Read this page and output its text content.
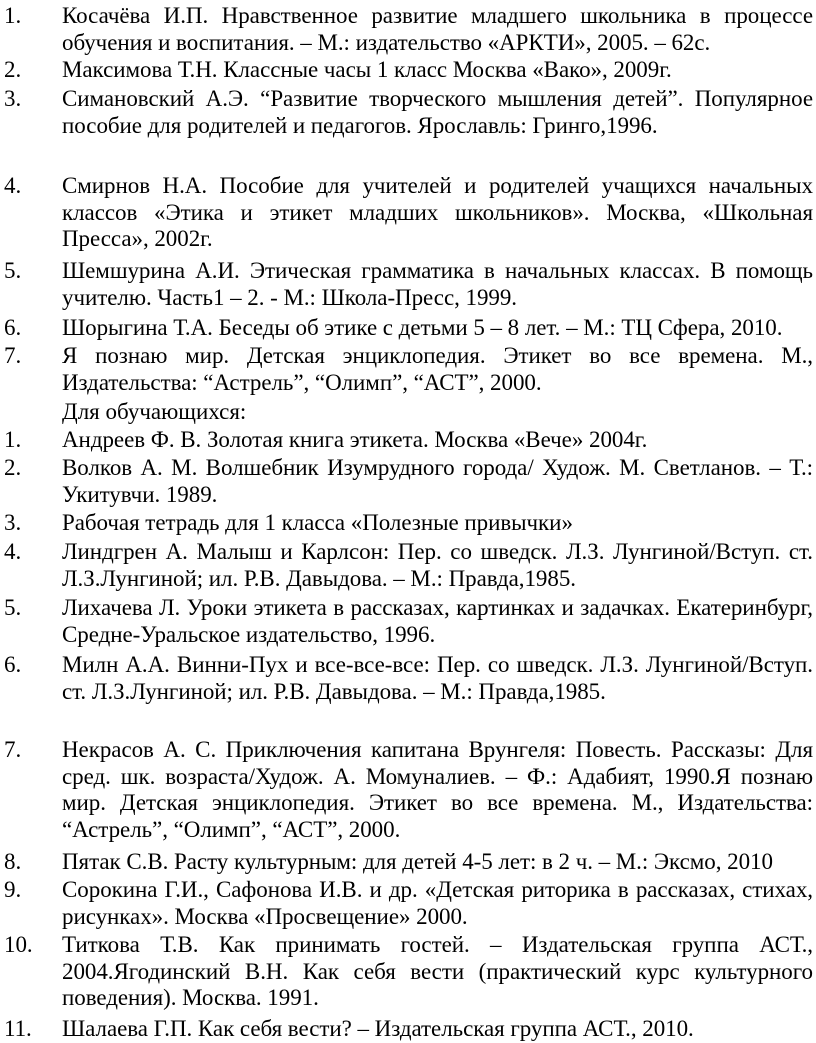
1.	Косачёва И.П. Нравственное развитие младшего школьника в процессе обучения и воспитания. – М.: издательство «АРКТИ», 2005. – 62с.
2.	Максимова Т.Н. Классные часы 1 класс Москва «Вако», 2009г.
3.	Симановский А.Э. “Развитие творческого мышления детей”. Популярное пособие для родителей и педагогов. Ярославль: Гринго,1996.
4.	Смирнов Н.А. Пособие для учителей и родителей учащихся начальных классов «Этика и этикет младших школьников». Москва, «Школьная Пресса», 2002г.
5.	Шемшурина А.И. Этическая грамматика в начальных классах. В помощь учителю. Часть1 – 2. - М.: Школа-Пресс, 1999.
6.	Шорыгина Т.А. Беседы об этике с детьми 5 – 8 лет. – М.: ТЦ Сфера, 2010.
7.	Я познаю мир. Детская энциклопедия. Этикет во все времена. М., Издательства: “Астрель”, “Олимп”, “АСТ”, 2000.
Для обучающихся:
1.	Андреев Ф. В. Золотая книга этикета. Москва «Вече» 2004г.
2.	Волков А. М. Волшебник Изумрудного города/ Худож. М. Светланов. – Т.: Укитувчи. 1989.
3.	Рабочая тетрадь для 1 класса «Полезные привычки»
4.	Линдгрен А. Малыш и Карлсон: Пер. со шведск. Л.З. Лунгиной/Вступ. ст. Л.З.Лунгиной; ил. Р.В. Давыдова. – М.: Правда,1985.
5.	Лихачева Л. Уроки этикета в рассказах, картинках и задачках. Екатеринбург, Средне-Уральское издательство, 1996.
6.	Милн А.А. Винни-Пух и все-все-все: Пер. со шведск. Л.З. Лунгиной/Вступ. ст. Л.З.Лунгиной; ил. Р.В. Давыдова. – М.: Правда,1985.
7.	Некрасов А. С. Приключения капитана Врунгеля: Повесть. Рассказы: Для сред. шк. возраста/Худож. А. Момуналиев. – Ф.: Адабият, 1990.Я познаю мир. Детская энциклопедия. Этикет во все времена. М., Издательства: “Астрель”, “Олимп”, “АСТ”, 2000.
8.	Пятак С.В. Расту культурным: для детей 4-5 лет: в 2 ч. – М.: Эксмо, 2010
9.	Сорокина Г.И., Сафонова И.В. и др. «Детская риторика в рассказах, стихах, рисунках». Москва «Просвещение» 2000.
10.	Титкова Т.В. Как принимать гостей. – Издательская группа АСТ., 2004.Ягодинский В.Н. Как себя вести (практический курс культурного поведения). Москва. 1991.
11.	Шалаева Г.П. Как себя вести? – Издательская группа АСТ., 2010.
